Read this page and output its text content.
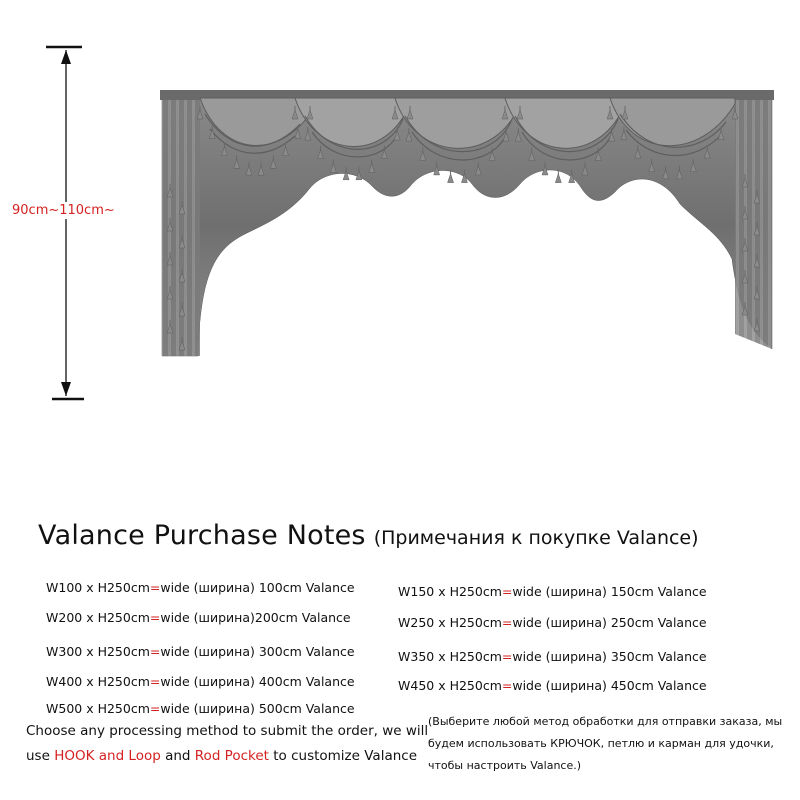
90cm~110cm~
Valance Purchase Notes (Примечания к покупке Valance)
W100 x H250cm=wide (ширина) 100cm Valance	W150 x H250cm=wide (ширина) 150cm Valance
W200 x H250cm=wide (ширина)200cm Valance	W250 x H250cm=wide (ширина) 250cm Valance
W300 x H250cm=wide (ширина) 300cm Valance	W350 x H250cm=wide (ширина) 350cm Valance
W400 x H250cm=wide (ширина) 400cm Valance	W450 x H250cm=wide (ширина) 450cm Valance
W500 x H250cm=wide (ширина) 500cm Valance
Choose any processing method to submit the order, we will
use HOOK and Loop and Rod Pocket to customize Valance
(Выберите любой метод обработки для отправки заказа, мы
будем использовать КРЮЧОК, петлю и карман для удочки,
чтобы настроить Valance.)
